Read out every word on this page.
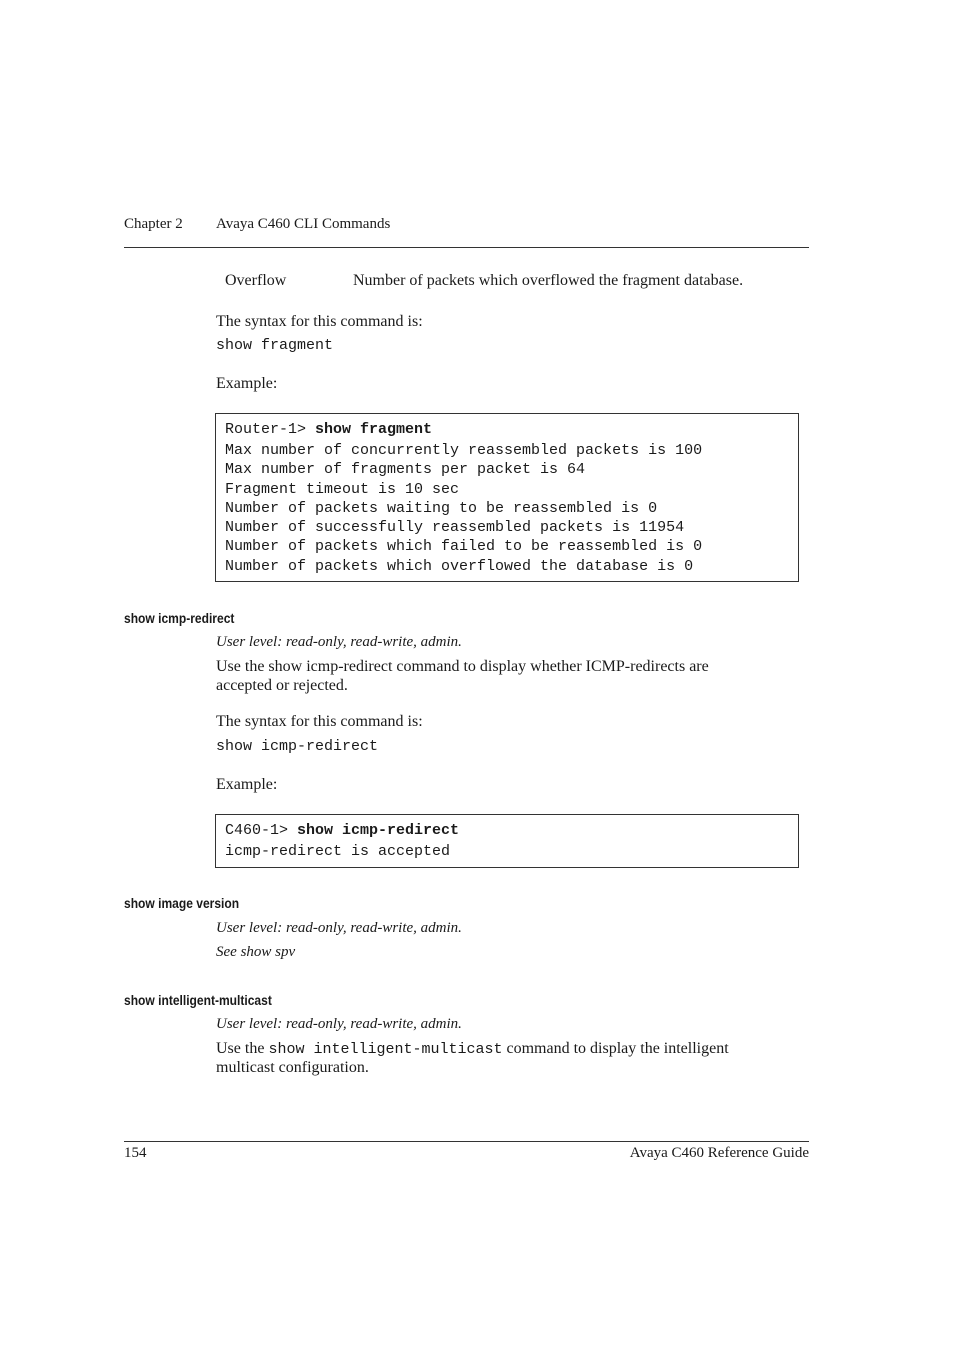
Chapter 2 Avaya C460 CLI Commands
Overflow	Number of packets which overflowed the fragment database.
The syntax for this command is:
show fragment
Example:
Router-1> show fragment
Max number of concurrently reassembled packets is 100
Max number of fragments per packet is 64
Fragment timeout is 10 sec
Number of packets waiting to be reassembled is 0
Number of successfully reassembled packets is 11954
Number of packets which failed to be reassembled is 0
Number of packets which overflowed the database is 0
show icmp-redirect
User level: read-only, read-write, admin.
Use the show icmp-redirect command to display whether ICMP-redirects are
accepted or rejected.
The syntax for this command is:
show icmp-redirect
Example:
C460-1> show icmp-redirect
icmp-redirect is accepted
show image version
User level: read-only, read-write, admin.
See show spv
show intelligent-multicast
User level: read-only, read-write, admin.
Use the show intelligent-multicast command to display the intelligent
multicast configuration.
154	Avaya C460 Reference Guide
